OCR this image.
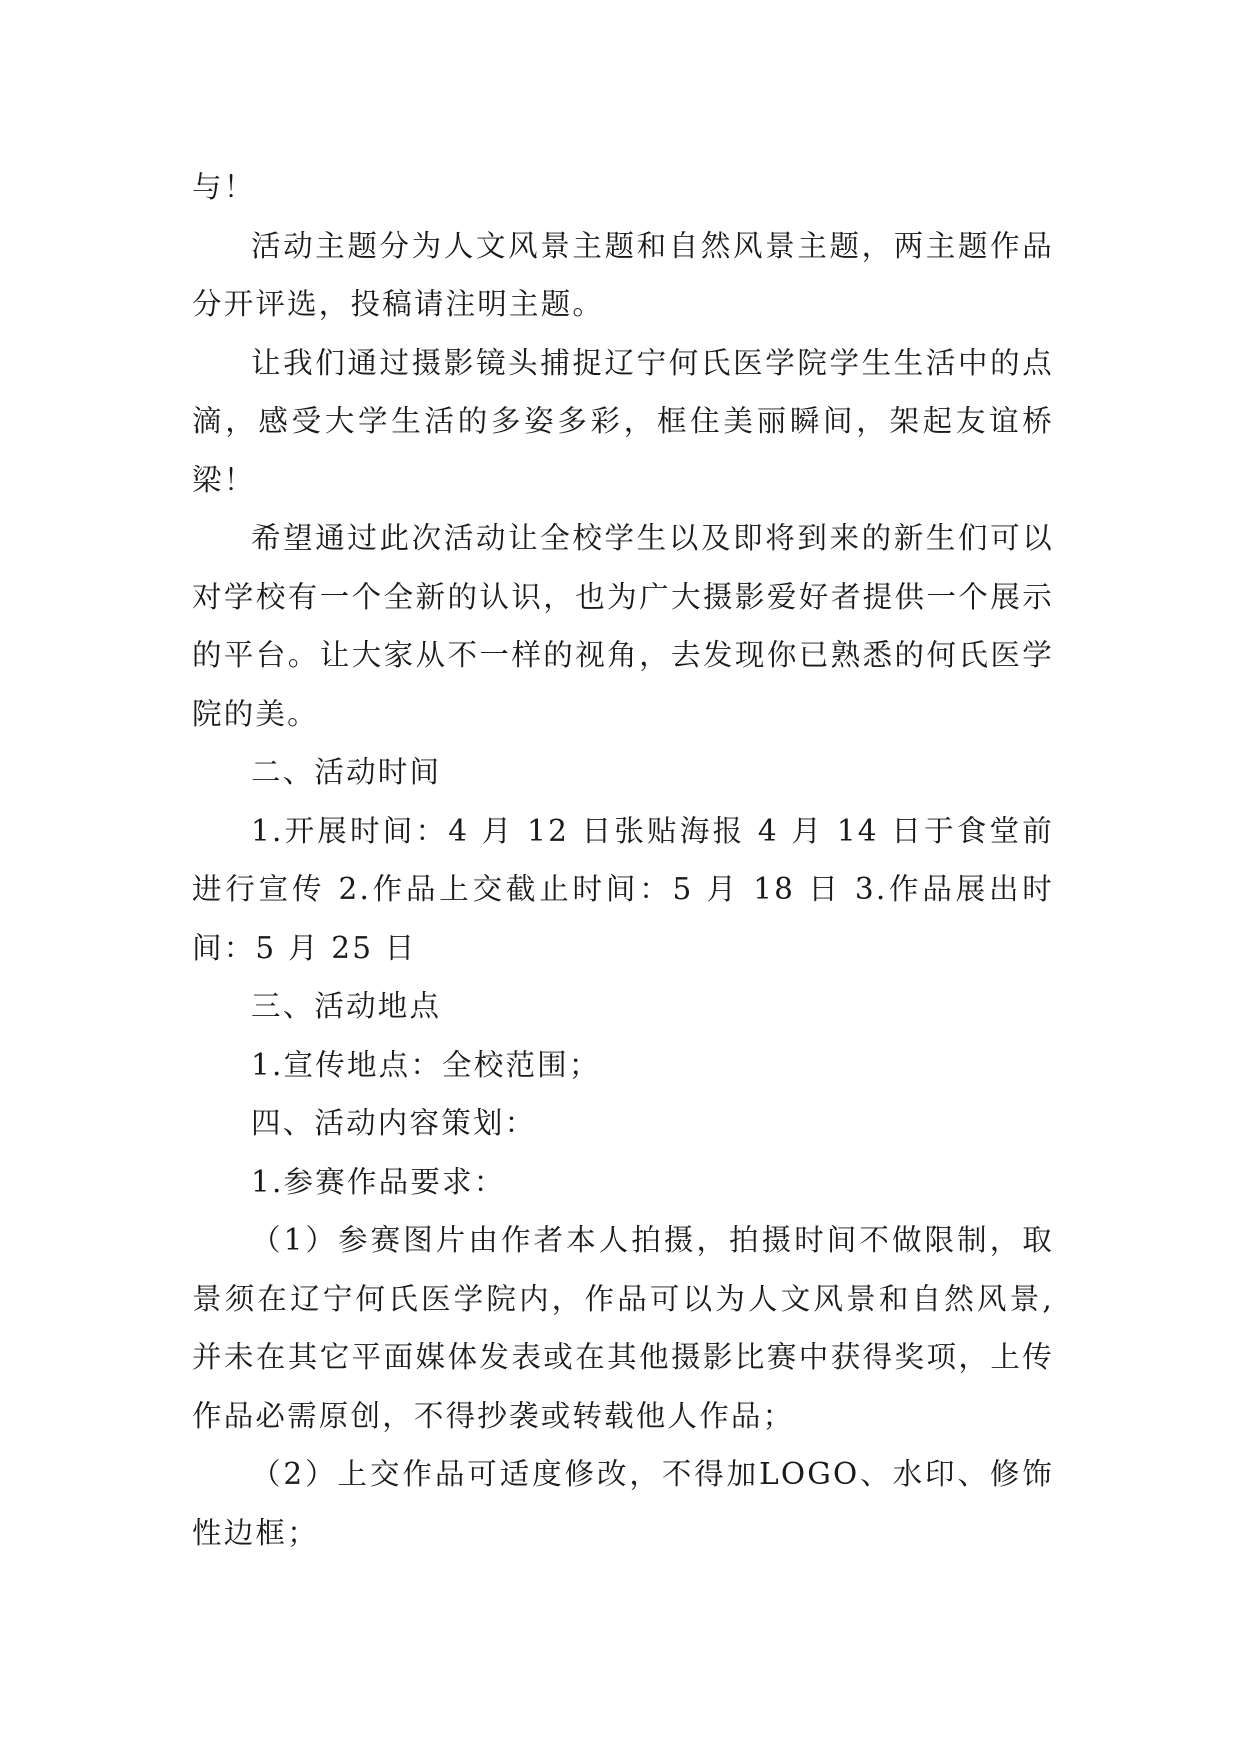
与！

活动主题分为人文风景主题和自然风景主题，两主题作品分开评选，投稿请注明主题。

让我们通过摄影镜头捕捉辽宁何氏医学院学生生活中的点滴，感受大学生活的多姿多彩，框住美丽瞬间，架起友谊桥梁！

希望通过此次活动让全校学生以及即将到来的新生们可以对学校有一个全新的认识，也为广大摄影爱好者提供一个展示的平台。让大家从不一样的视角，去发现你已熟悉的何氏医学院的美。

二、活动时间

1.开展时间：4 月 12 日张贴海报 4 月 14 日于食堂前进行宣传 2.作品上交截止时间：5 月 18 日 3.作品展出时间：5 月 25 日

三、活动地点

1.宣传地点：全校范围；

四、活动内容策划：

1.参赛作品要求：

（1）参赛图片由作者本人拍摄，拍摄时间不做限制，取景须在辽宁何氏医学院内，作品可以为人文风景和自然风景,并未在其它平面媒体发表或在其他摄影比赛中获得奖项，上传作品必需原创，不得抄袭或转载他人作品；

（2）上交作品可适度修改，不得加LOGO、水印、修饰性边框；
